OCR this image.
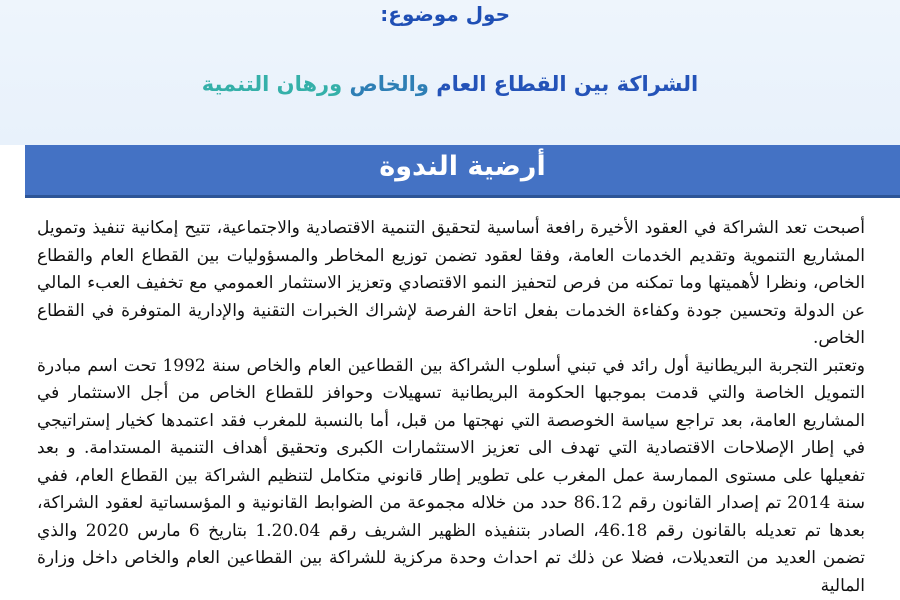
حول موضوع:
الشراكة بين القطاع العام والخاص ورهان التنمية
أرضية الندوة

أصبحت تعد الشراكة في العقود الأخيرة رافعة أساسية لتحقيق التنمية الاقتصادية والاجتماعية، تتيح إمكانية تنفيذ وتمويل المشاريع التنموية وتقديم الخدمات العامة، وفقا لعقود تضمن توزيع المخاطر والمسؤوليات بين القطاع العام والقطاع الخاص، ونظرا لأهميتها وما تمكنه من فرص لتحفيز النمو الاقتصادي وتعزيز الاستثمار العمومي مع تخفيف العبء المالي عن الدولة وتحسين جودة وكفاءة الخدمات بفعل اتاحة الفرصة لإشراك الخبرات التقنية والإدارية المتوفرة في القطاع الخاص.

وتعتبر التجربة البريطانية أول رائد في تبني أسلوب الشراكة بين القطاعين العام والخاص سنة 1992 تحت اسم مبادرة التمويل الخاصة والتي قدمت بموجبها الحكومة البريطانية تسهيلات وحوافز للقطاع الخاص من أجل الاستثمار في المشاريع العامة، بعد تراجع سياسة الخوصصة التي نهجتها من قبل، أما بالنسبة للمغرب فقد اعتمدها كخيار إستراتيجي في إطار الإصلاحات الاقتصادية التي تهدف الى تعزيز الاستثمارات الكبرى وتحقيق أهداف التنمية المستدامة. و بعد تفعيلها على مستوى الممارسة عمل المغرب على تطوير إطار قانوني متكامل لتنظيم الشراكة بين القطاع العام، ففي سنة 2014 تم إصدار القانون رقم 86.12 حدد من خلاله مجموعة من الضوابط القانونية و المؤسساتية لعقود الشراكة، بعدها تم تعديله بالقانون رقم 46.18، الصادر بتنفيذه الظهير الشريف رقم 1.20.04 بتاريخ 6 مارس 2020 والذي تضمن العديد من التعديلات، فضلا عن ذلك تم احداث وحدة مركزية للشراكة بين القطاعين العام والخاص داخل وزارة المالية
